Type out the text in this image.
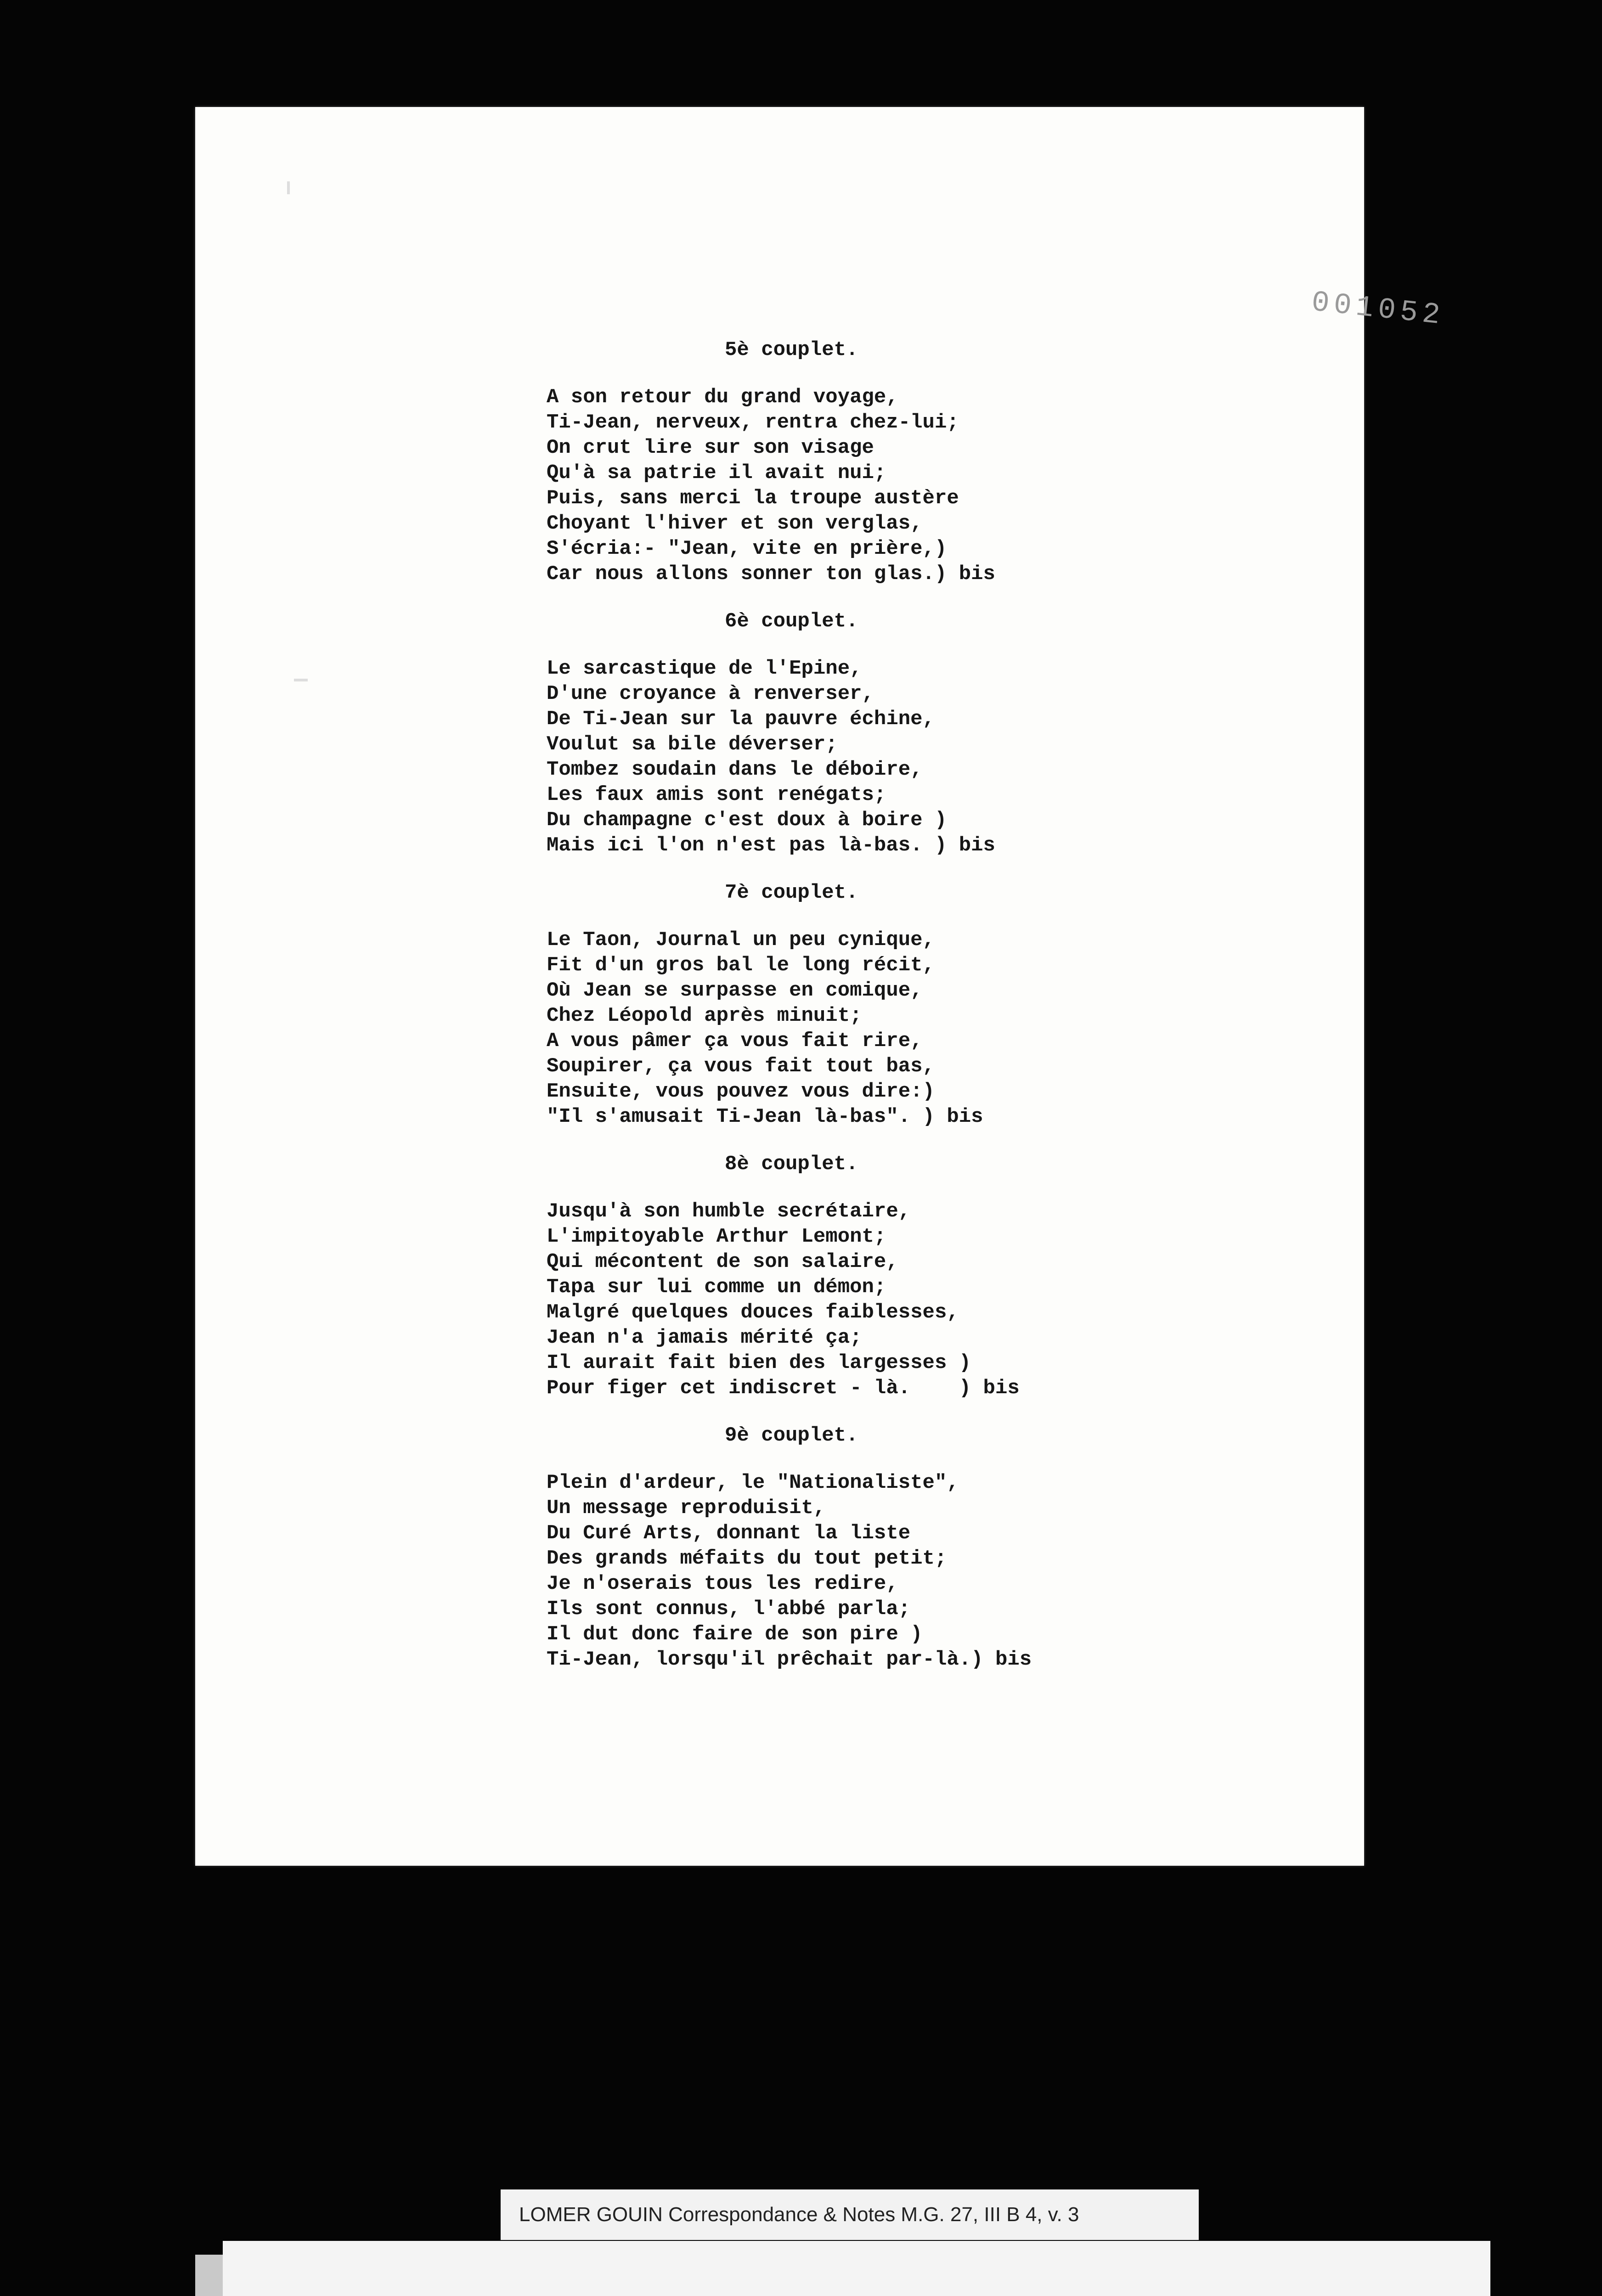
001052
5è couplet.
A son retour du grand voyage,
Ti-Jean, nerveux, rentra chez-lui;
On crut lire sur son visage
Qu'à sa patrie il avait nui;
Puis, sans merci la troupe austère
Choyant l'hiver et son verglas,
S'écria:- "Jean, vite en prière,)
Car nous allons sonner ton glas.) bis
6è couplet.
Le sarcastique de l'Epine,
D'une croyance à renverser,
De Ti-Jean sur la pauvre échine,
Voulut sa bile déverser;
Tombez soudain dans le déboire,
Les faux amis sont renégats;
Du champagne c'est doux à boire )
Mais ici l'on n'est pas là-bas. ) bis
7è couplet.
Le Taon, Journal un peu cynique,
Fit d'un gros bal le long récit,
Où Jean se surpasse en comique,
Chez Léopold après minuit;
A vous pâmer ça vous fait rire,
Soupirer, ça vous fait tout bas,
Ensuite, vous pouvez vous dire:)
"Il s'amusait Ti-Jean là-bas". ) bis
8è couplet.
Jusqu'à son humble secrétaire,
L'impitoyable Arthur Lemont;
Qui mécontent de son salaire,
Tapa sur lui comme un démon;
Malgré quelques douces faiblesses,
Jean n'a jamais mérité ça;
Il aurait fait bien des largesses )
Pour figer cet indiscret - là.    ) bis
9è couplet.
Plein d'ardeur, le "Nationaliste",
Un message reproduisit,
Du Curé Arts, donnant la liste
Des grands méfaits du tout petit;
Je n'oserais tous les redire,
Ils sont connus, l'abbé parla;
Il dut donc faire de son pire )
Ti-Jean, lorsqu'il prêchait par-là.) bis
LOMER GOUIN Correspondance & Notes M.G. 27, III B 4, v. 3
